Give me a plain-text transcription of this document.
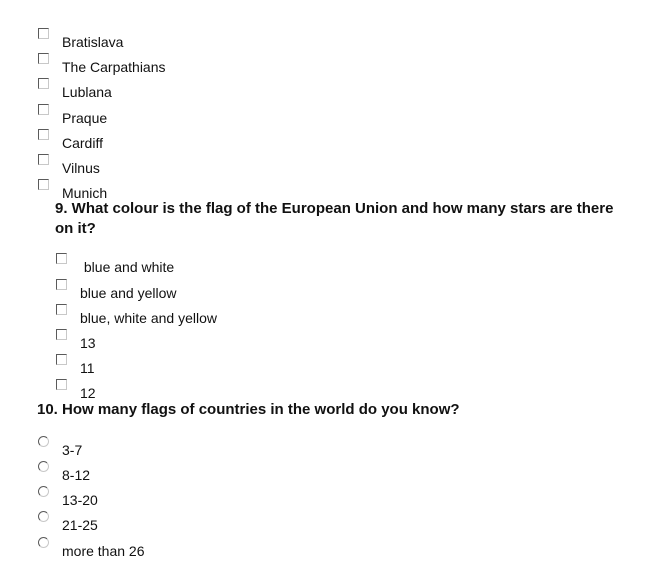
Bratislava
The Carpathians
Lublana
Praque
Cardiff
Vilnus
Munich
9. What colour is the flag of the European Union and how many stars are there on it?
blue and white
blue and yellow
blue, white and yellow
13
11
12
10. How many flags of countries in the world do you know?
3-7
8-12
13-20
21-25
more than 26
